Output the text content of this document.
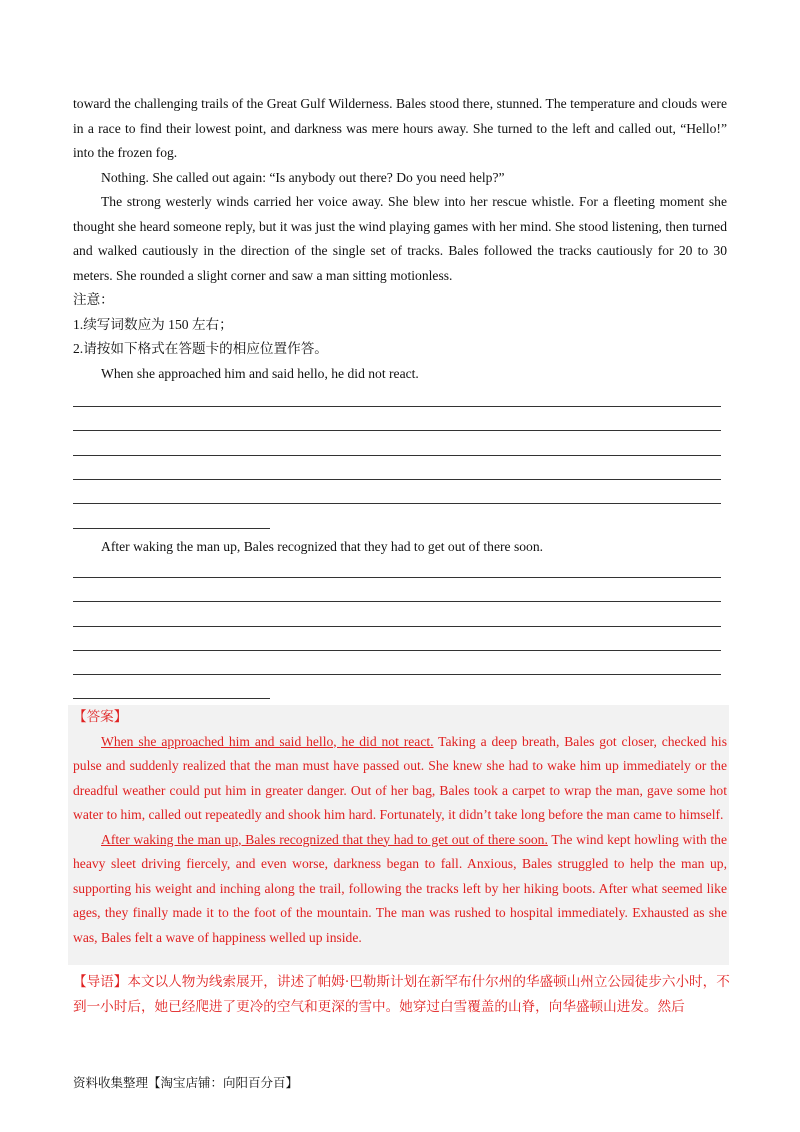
toward the challenging trails of the Great Gulf Wilderness. Bales stood there, stunned. The temperature and clouds were in a race to find their lowest point, and darkness was mere hours away. She turned to the left and called out, “Hello!” into the frozen fog.

Nothing. She called out again: “Is anybody out there? Do you need help?”

The strong westerly winds carried her voice away. She blew into her rescue whistle. For a fleeting moment she thought she heard someone reply, but it was just the wind playing games with her mind. She stood listening, then turned and walked cautiously in the direction of the single set of tracks. Bales followed the tracks cautiously for 20 to 30 meters. She rounded a slight corner and saw a man sitting motionless.

注意：

1.续写词数应为 150 左右；

2.请按如下格式在答题卡的相应位置作答。

When she approached him and said hello, he did not react.

After waking the man up, Bales recognized that they had to get out of there soon.

【答案】

When she approached him and said hello, he did not react. Taking a deep breath, Bales got closer, checked his pulse and suddenly realized that the man must have passed out. She knew she had to wake him up immediately or the dreadful weather could put him in greater danger. Out of her bag, Bales took a carpet to wrap the man, gave some hot water to him, called out repeatedly and shook him hard. Fortunately, it didn’t take long before the man came to himself.

After waking the man up, Bales recognized that they had to get out of there soon. The wind kept howling with the heavy sleet driving fiercely, and even worse, darkness began to fall. Anxious, Bales struggled to help the man up, supporting his weight and inching along the trail, following the tracks left by her hiking boots. After what seemed like ages, they finally made it to the foot of the mountain. The man was rushed to hospital immediately. Exhausted as she was, Bales felt a wave of happiness welled up inside.

【导语】本文以人物为线索展开，讲述了帕姆·巴勒斯计划在新罕布什尔州的华盛顿山州立公园徒步六小时，不到一小时后，她已经爬进了更冷的空气和更深的雪中。她穿过白雪覆盖的山脊，向华盛顿山进发。然后
资料收集整理【淘宝店铺：向阳百分百】
